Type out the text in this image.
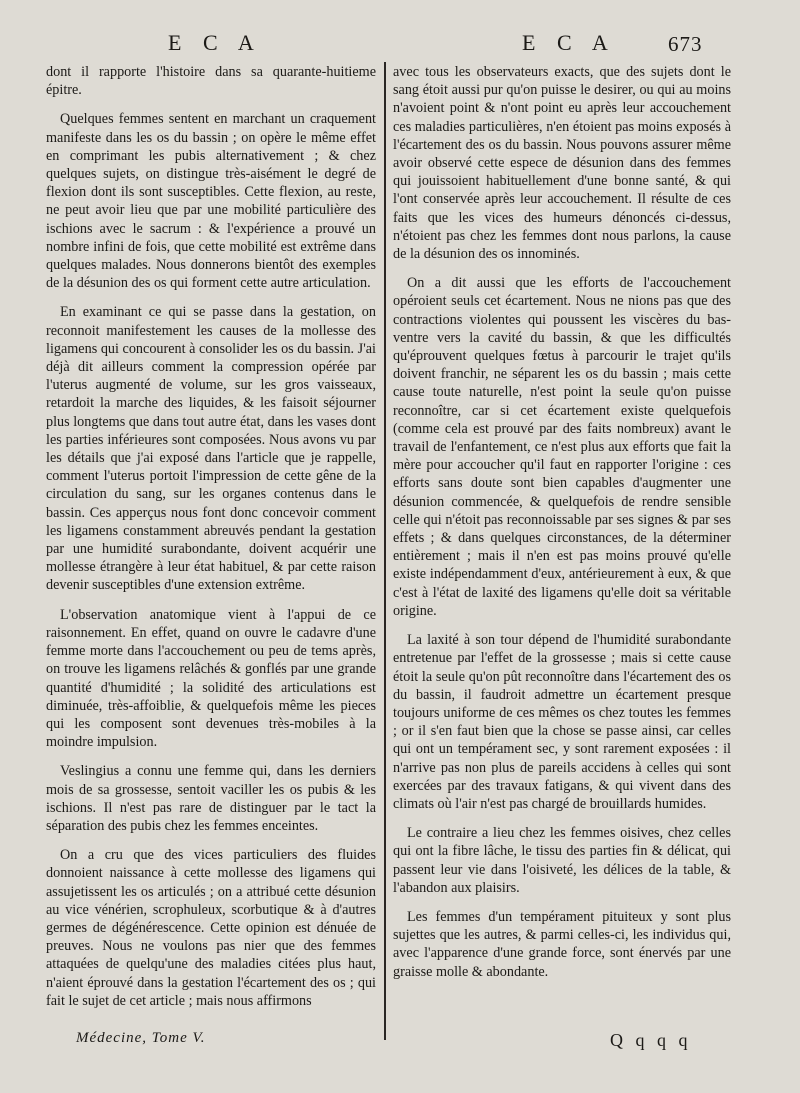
E C A	E C A 673

dont il rapporte l'histoire dans sa quarante-huitieme épitre.

Quelques femmes sentent en marchant un craquement manifeste dans les os du bassin ; on opère le même effet en comprimant les pubis alternativement ; & chez quelques sujets, on distingue très-aisément le degré de flexion dont ils sont susceptibles. Cette flexion, au reste, ne peut avoir lieu que par une mobilité particulière des ischions avec le sacrum : & l'expérience a prouvé un nombre infini de fois, que cette mobilité est extrême dans quelques malades. Nous donnerons bientôt des exemples de la désunion des os qui forment cette autre articulation.

En examinant ce qui se passe dans la gestation, on reconnoit manifestement les causes de la mollesse des ligamens qui concourent à consolider les os du bassin. J'ai déjà dit ailleurs comment la compression opérée par l'uterus augmenté de volume, sur les gros vaisseaux, retardoit la marche des liquides, & les faisoit séjourner plus longtems que dans tout autre état, dans les vases dont les parties inférieures sont composées. Nous avons vu par les détails que j'ai exposé dans l'article que je rappelle, comment l'uterus portoit l'impression de cette gêne de la circulation du sang, sur les organes contenus dans le bassin. Ces apperçus nous font donc concevoir comment les ligamens constamment abreuvés pendant la gestation par une humidité surabondante, doivent acquérir une mollesse étrangère à leur état habituel, & par cette raison devenir susceptibles d'une extension extrême.

L'observation anatomique vient à l'appui de ce raisonnement. En effet, quand on ouvre le cadavre d'une femme morte dans l'accouchement ou peu de tems après, on trouve les ligamens relâchés & gonflés par une grande quantité d'humidité ; la solidité des articulations est diminuée, très-affoiblie, & quelquefois même les pieces qui les composent sont devenues très-mobiles à la moindre impulsion.

Veslingius a connu une femme qui, dans les derniers mois de sa grossesse, sentoit vaciller les os pubis & les ischions. Il n'est pas rare de distinguer par le tact la séparation des pubis chez les femmes enceintes.

On a cru que des vices particuliers des fluides donnoient naissance à cette mollesse des ligamens qui assujetissent les os articulés ; on a attribué cette désunion au vice vénérien, scrophuleux, scorbutique & à d'autres germes de dégénérescence. Cette opinion est dénuée de preuves. Nous ne voulons pas nier que des femmes attaquées de quelqu'une des maladies citées plus haut, n'aient éprouvé dans la gestation l'écartement des os ; qui fait le sujet de cet article ; mais nous affirmons

avec tous les observateurs exacts, que des sujets dont le sang étoit aussi pur qu'on puisse le desirer, ou qui au moins n'avoient point & n'ont point eu après leur accouchement ces maladies particulières, n'en étoient pas moins exposés à l'écartement des os du bassin. Nous pouvons assurer même avoir observé cette espece de désunion dans des femmes qui jouissoient habituellement d'une bonne santé, & qui l'ont conservée après leur accouchement. Il résulte de ces faits que les vices des humeurs dénoncés ci-dessus, n'étoient pas chez les femmes dont nous parlons, la cause de la désunion des os innominés.

On a dit aussi que les efforts de l'accouchement opéroient seuls cet écartement. Nous ne nions pas que des contractions violentes qui poussent les viscères du bas-ventre vers la cavité du bassin, & que les difficultés qu'éprouvent quelques fœtus à parcourir le trajet qu'ils doivent franchir, ne séparent les os du bassin ; mais cette cause toute naturelle, n'est point la seule qu'on puisse reconnoître, car si cet écartement existe quelquefois (comme cela est prouvé par des faits nombreux) avant le travail de l'enfantement, ce n'est plus aux efforts que fait la mère pour accoucher qu'il faut en rapporter l'origine : ces efforts sans doute sont bien capables d'augmenter une désunion commencée, & quelquefois de rendre sensible celle qui n'étoit pas reconnoissable par ses signes & par ses effets ; & dans quelques circonstances, de la déterminer entièrement ; mais il n'en est pas moins prouvé qu'elle existe indépendamment d'eux, antérieurement à eux, & que c'est à l'état de laxité des ligamens qu'elle doit sa véritable origine.

La laxité à son tour dépend de l'humidité surabondante entretenue par l'effet de la grossesse ; mais si cette cause étoit la seule qu'on pût reconnoître dans l'écartement des os du bassin, il faudroit admettre un écartement presque toujours uniforme de ces mêmes os chez toutes les femmes ; or il s'en faut bien que la chose se passe ainsi, car celles qui ont un tempérament sec, y sont rarement exposées : il n'arrive pas non plus de pareils accidens à celles qui sont exercées par des travaux fatigans, & qui vivent dans des climats où l'air n'est pas chargé de brouillards humides.

Le contraire a lieu chez les femmes oisives, chez celles qui ont la fibre lâche, le tissu des parties fin & délicat, qui passent leur vie dans l'oisiveté, les délices de la table, & l'abandon aux plaisirs.

Les femmes d'un tempérament pituiteux y sont plus sujettes que les autres, & parmi celles-ci, les individus qui, avec l'apparence d'une grande force, sont énervés par une graisse molle & abondante.

Médecine, Tome V.	Q q q q
